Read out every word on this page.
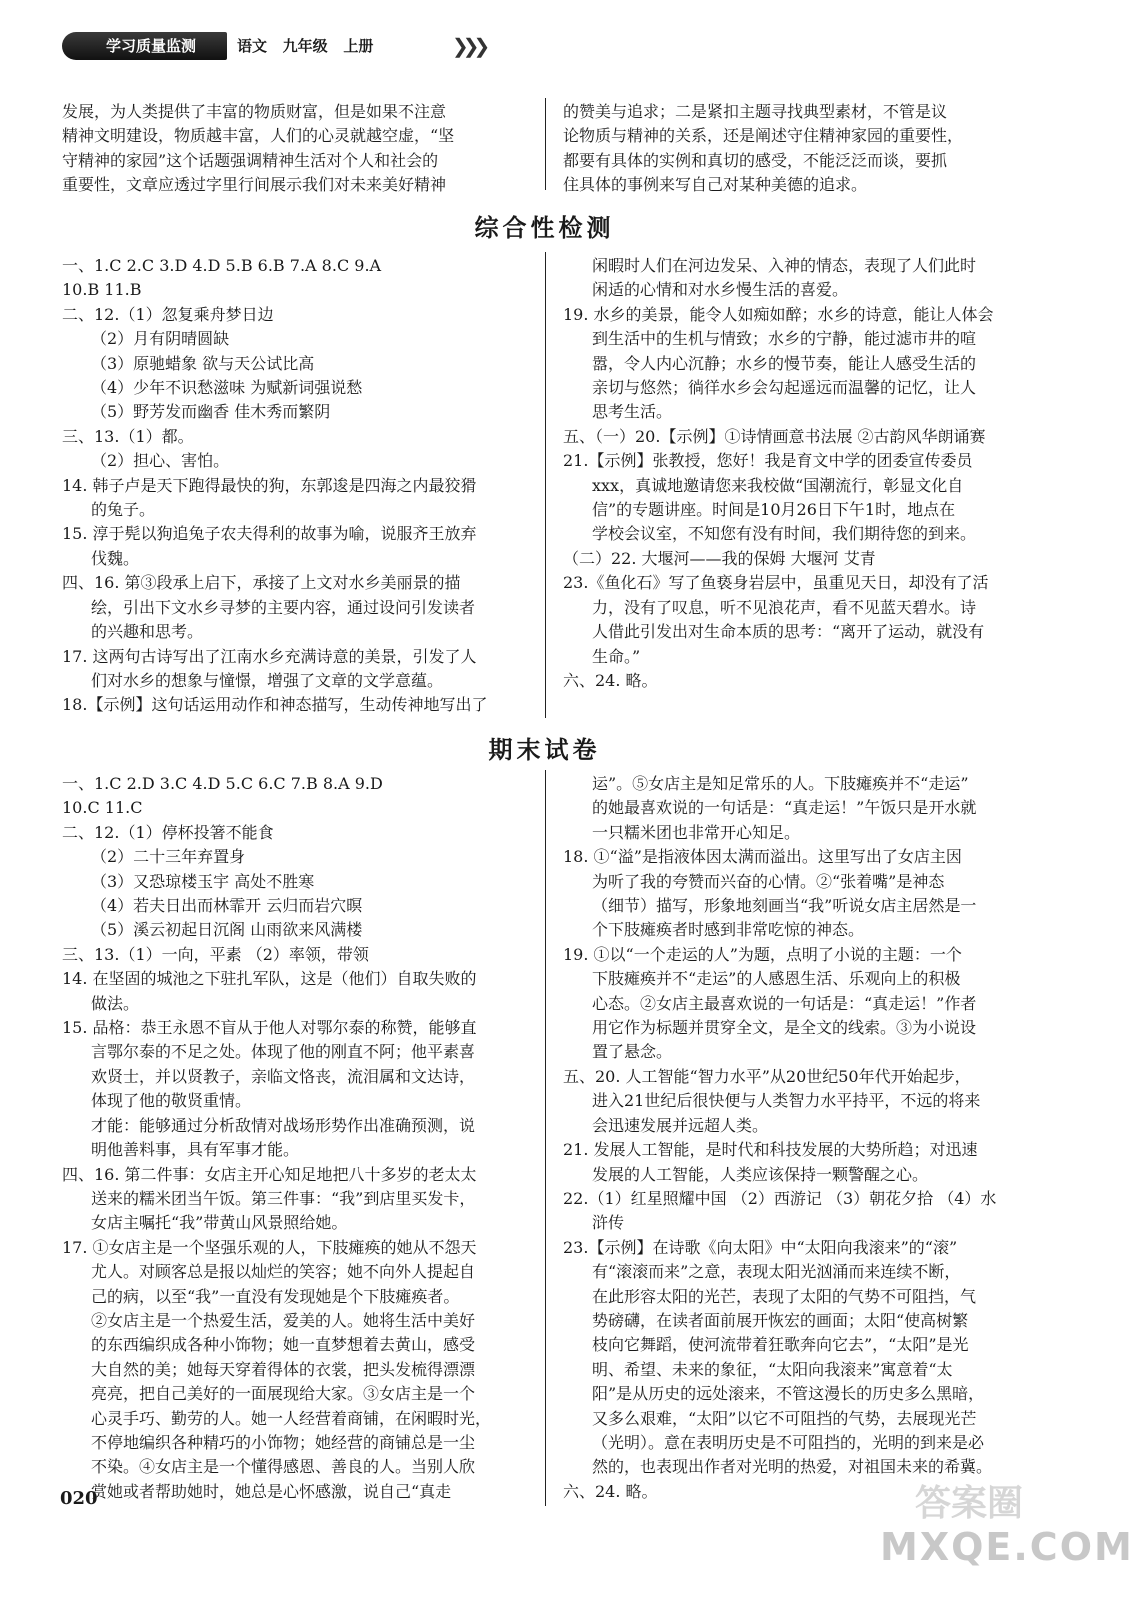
学习质量监测	语文   九年级   上册	❯❯❯
发展，为人类提供了丰富的物质财富，但是如果不注意
精神文明建设，物质越丰富，人们的心灵就越空虚，“坚
守精神的家园”这个话题强调精神生活对个人和社会的
重要性，文章应透过字里行间展示我们对未来美好精神
的赞美与追求；二是紧扣主题寻找典型素材，不管是议
论物质与精神的关系，还是阐述守住精神家园的重要性，
都要有具体的实例和真切的感受，不能泛泛而谈，要抓
住具体的事例来写自己对某种美德的追求。
综合性检测
一、1.C 2.C 3.D 4.D 5.B 6.B 7.A 8.C 9.A
10.B 11.B
二、12.（1）忽复乘舟梦日边
（2）月有阴晴圆缺
（3）原驰蜡象 欲与天公试比高
（4）少年不识愁滋味 为赋新词强说愁
（5）野芳发而幽香 佳木秀而繁阴
三、13.（1）都。
（2）担心、害怕。
14. 韩子卢是天下跑得最快的狗，东郭逡是四海之内最狡猾
的兔子。
15. 淳于髡以狗追兔子农夫得利的故事为喻，说服齐王放弃
伐魏。
四、16. 第③段承上启下，承接了上文对水乡美丽景的描
绘，引出下文水乡寻梦的主要内容，通过设问引发读者
的兴趣和思考。
17. 这两句古诗写出了江南水乡充满诗意的美景，引发了人
们对水乡的想象与憧憬，增强了文章的文学意蕴。
18.【示例】这句话运用动作和神态描写，生动传神地写出了
闲暇时人们在河边发呆、入神的情态，表现了人们此时
闲适的心情和对水乡慢生活的喜爱。
19. 水乡的美景，能令人如痴如醉；水乡的诗意，能让人体会
到生活中的生机与情致；水乡的宁静，能过滤市井的喧
嚣，令人内心沉静；水乡的慢节奏，能让人感受生活的
亲切与悠然；徜徉水乡会勾起遥远而温馨的记忆，让人
思考生活。
五、（一）20.【示例】①诗情画意书法展 ②古韵风华朗诵赛
21.【示例】张教授，您好！我是育文中学的团委宣传委员
xxx，真诚地邀请您来我校做“国潮流行，彰显文化自
信”的专题讲座。时间是10月26日下午1时，地点在
学校会议室，不知您有没有时间，我们期待您的到来。
（二）22. 大堰河——我的保姆 大堰河 艾青
23.《鱼化石》写了鱼亵身岩层中，虽重见天日，却没有了活
力，没有了叹息，听不见浪花声，看不见蓝天碧水。诗
人借此引发出对生命本质的思考：“离开了运动，就没有
生命。”
六、24. 略。
期末试卷
一、1.C 2.D 3.C 4.D 5.C 6.C 7.B 8.A 9.D
10.C 11.C
二、12.（1）停杯投箸不能食
（2）二十三年弃置身
（3）又恐琼楼玉宇 高处不胜寒
（4）若夫日出而林霏开 云归而岩穴暝
（5）溪云初起日沉阁 山雨欲来风满楼
三、13.（1）一向，平素 （2）率领，带领
14. 在坚固的城池之下驻扎军队，这是（他们）自取失败的
做法。
15. 品格：恭王永恩不盲从于他人对鄂尔泰的称赞，能够直
言鄂尔泰的不足之处。体现了他的刚直不阿；他平素喜
欢贤士，并以贤教子，亲临文恪丧，流泪属和文达诗，
体现了他的敬贤重情。
才能：能够通过分析敌情对战场形势作出准确预测，说
明他善料事，具有军事才能。
四、16. 第二件事：女店主开心知足地把八十多岁的老太太
送来的糯米团当午饭。第三件事：“我”到店里买发卡，
女店主嘱托“我”带黄山风景照给她。
17. ①女店主是一个坚强乐观的人，下肢瘫痪的她从不怨天
尤人。对顾客总是报以灿烂的笑容；她不向外人提起自
己的病，以至“我”一直没有发现她是个下肢瘫痪者。
②女店主是一个热爱生活，爱美的人。她将生活中美好
的东西编织成各种小饰物；她一直梦想着去黄山，感受
大自然的美；她每天穿着得体的衣裳，把头发梳得漂漂
亮亮，把自己美好的一面展现给大家。③女店主是一个
心灵手巧、勤劳的人。她一人经营着商铺，在闲暇时光，
不停地编织各种精巧的小饰物；她经营的商铺总是一尘
不染。④女店主是一个懂得感恩、善良的人。当别人欣
赏她或者帮助她时，她总是心怀感激，说自己“真走
运”。⑤女店主是知足常乐的人。下肢瘫痪并不“走运”
的她最喜欢说的一句话是：“真走运！”午饭只是开水就
一只糯米团也非常开心知足。
18. ①“溢”是指液体因太满而溢出。这里写出了女店主因
为听了我的夸赞而兴奋的心情。②“张着嘴”是神态
（细节）描写，形象地刻画当“我”听说女店主居然是一
个下肢瘫痪者时感到非常吃惊的神态。
19. ①以“一个走运的人”为题，点明了小说的主题：一个
下肢瘫痪并不“走运”的人感恩生活、乐观向上的积极
心态。②女店主最喜欢说的一句话是：“真走运！”作者
用它作为标题并贯穿全文，是全文的线索。③为小说设
置了悬念。
五、20. 人工智能“智力水平”从20世纪50年代开始起步，
进入21世纪后很快便与人类智力水平持平，不远的将来
会迅速发展并远超人类。
21. 发展人工智能，是时代和科技发展的大势所趋；对迅速
发展的人工智能，人类应该保持一颗警醒之心。
22.（1）红星照耀中国 （2）西游记 （3）朝花夕拾 （4）水
浒传
23.【示例】在诗歌《向太阳》中“太阳向我滚来”的“滚”
有“滚滚而来”之意，表现太阳光汹涌而来连续不断，
在此形容太阳的光芒，表现了太阳的气势不可阻挡，气
势磅礴，在读者面前展开恢宏的画面；太阳“使高树繁
枝向它舞蹈，使河流带着狂歌奔向它去”，“太阳”是光
明、希望、未来的象征，“太阳向我滚来”寓意着“太
阳”是从历史的远处滚来，不管这漫长的历史多么黑暗，
又多么艰难，“太阳”以它不可阻挡的气势，去展现光芒
（光明）。意在表明历史是不可阻挡的，光明的到来是必
然的，也表现出作者对光明的热爱，对祖国未来的希冀。
六、24. 略。
020	答案圈
MXQE.COM
